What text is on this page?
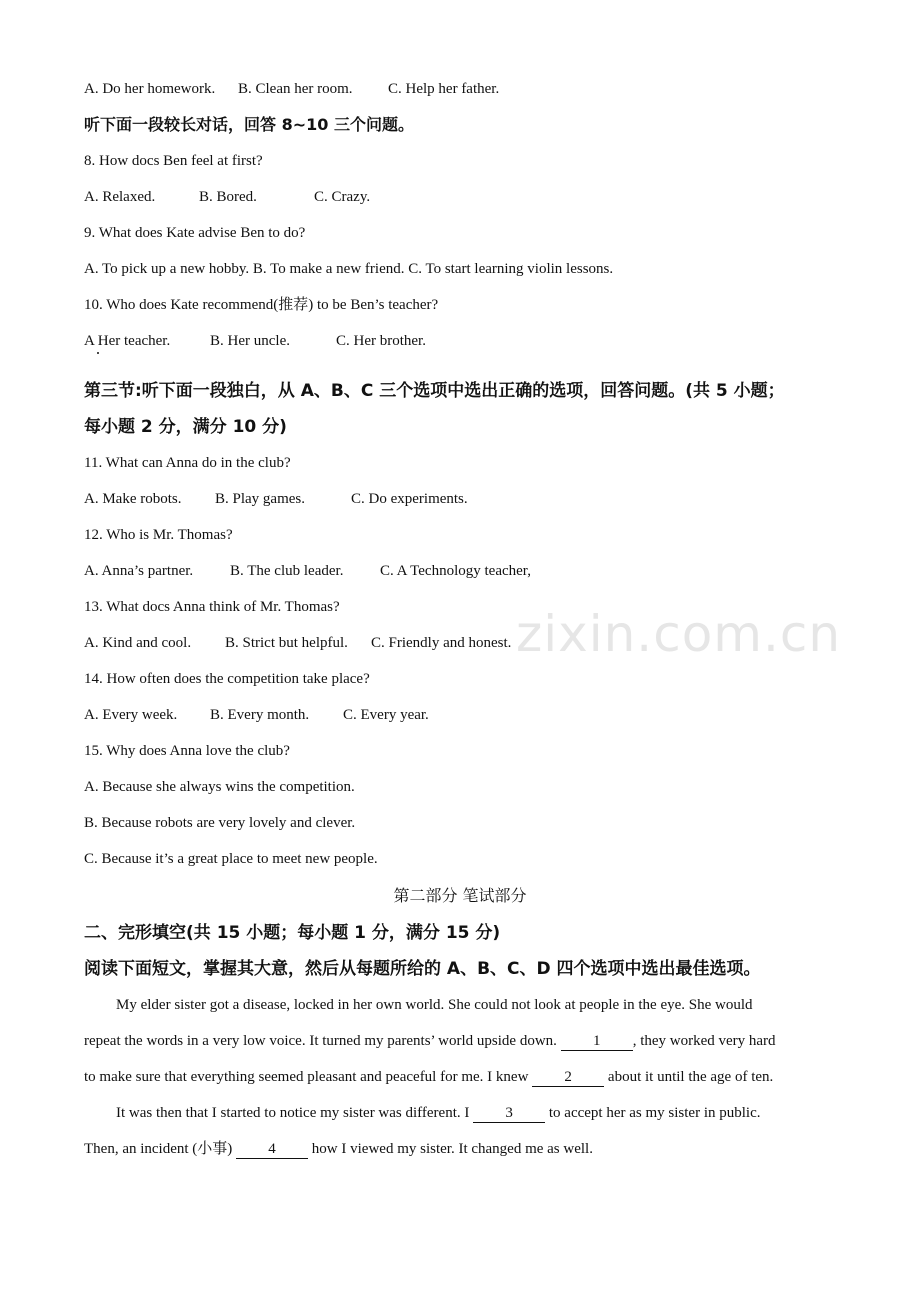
zixin.com.cn
A. Do her homework. B. Clean her room. C. Help her father.
听下面一段较长对话，回答 8~10 三个问题。
8. How docs Ben feel at first?
A. Relaxed.	B. Bored.	C. Crazy.
9. What does Kate advise Ben to do?
A. To pick up a new hobby. B. To make a new friend. C. To start learning violin lessons.
10. Who does Kate recommend(推荐) to be Ben’s teacher?
A Her teacher.	B. Her uncle.	C. Her brother.
第三节:听下面一段独白，从 A、B、C 三个选项中选出正确的选项，回答问题。(共 5 小题；
每小题 2 分，满分 10 分)
11. What can Anna do in the club?
A. Make robots. B. Play games.	C. Do experiments.
12. Who is Mr. Thomas?
A. Anna’s partner. B. The club leader. C. A Technology teacher,
13. What docs Anna think of Mr. Thomas?
A. Kind and cool. B. Strict but helpful. C. Friendly and honest.
14. How often does the competition take place?
A. Every week. B. Every month. C. Every year.
15. Why does Anna love the club?
A. Because she always wins the competition.
B. Because robots are very lovely and clever.
C. Because it’s a great place to meet new people.
第二部分 笔试部分
二、完形填空(共 15 小题；每小题 1 分，满分 15 分)
阅读下面短文，掌握其大意，然后从每题所给的 A、B、C、D 四个选项中选出最佳选项。
My elder sister got a disease, locked in her own world. She could not look at people in the eye. She would
repeat the words in a very low voice. It turned my parents’ world upside down. 1 , they worked very hard
to make sure that everything seemed pleasant and peaceful for me. I knew 2 about it until the age of ten.
It was then that I started to notice my sister was different. I 3 to accept her as my sister in public.
Then, an incident (小事) 4 how I viewed my sister. It changed me as well.
